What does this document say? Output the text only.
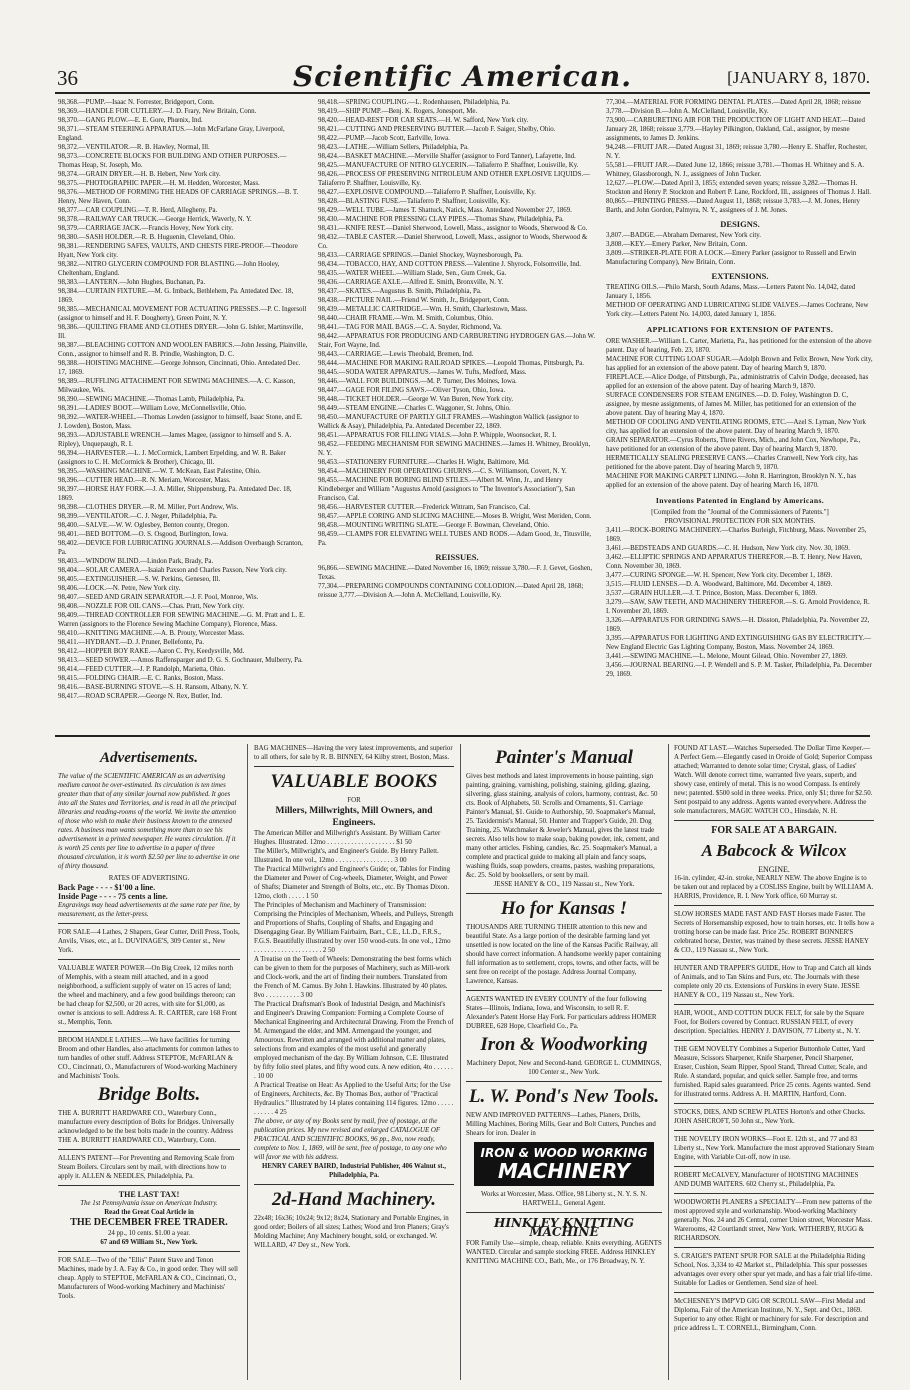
36	Scientific American.	[JANUARY 8, 1870.

98,368.—PUMP.—Isaac N. Forrester, Bridgeport, Conn.

98,369.—HANDLE FOR CUTLERY.—J. D. Frary, New Britain, Conn.

98,370.—GANG PLOW.—E. E. Gore, Phœnix, Ind.

98,371.—STEAM STEERING APPARATUS.—John McFarlane Gray, Liverpool, England.

98,372.—VENTILATOR.—R. B. Hawley, Normal, Ill.

98,373.—CONCRETE BLOCKS FOR BUILDING AND OTHER PURPOSES.—Thomas Heap, St. Joseph, Mo.

98,374.—GRAIN DRYER.—H. B. Hebert, New York city.

98,375.—PHOTOGRAPHIC PAPER.—H. M. Hedden, Worcester, Mass.

98,376.—METHOD OF FORMING THE HEADS OF CARRIAGE SPRINGS.—B. T. Henry, New Haven, Conn.

98,377.—CAR COUPLING.—T. R. Herd, Allegheny, Pa.

98,378.—RAILWAY CAR TRUCK.—George Herrick, Waverly, N. Y.

98,379.—CARRIAGE JACK.—Francis Hovey, New York city.

98,380.—SASH HOLDER.—R. B. Huguenin, Cleveland, Ohio.

98,381.—RENDERING SAFES, VAULTS, AND CHESTS FIRE-PROOF.—Theodore Hyatt, New York city.

98,382.—NITRO GLYCERIN COMPOUND FOR BLASTING.—John Hooley, Cheltenham, England.

98,383.—LANTERN.—John Hughes, Buchanan, Pa.

98,384.—CURTAIN FIXTURE.—M. G. Imback, Bethlehem, Pa. Antedated Dec. 18, 1869.

98,385.—MECHANICAL MOVEMENT FOR ACTUATING PRESSES.—P. C. Ingersoll (assignor to himself and H. F. Dougherty), Green Point, N. Y.

98,386.—QUILTING FRAME AND CLOTHES DRYER.—John G. Ishler, Martinsville, Ill.

98,387.—BLEACHING COTTON AND WOOLEN FABRICS.—John Jessing, Plainville, Conn., assignor to himself and R. B. Prindle, Washington, D. C.

98,388.—HOISTING MACHINE.—George Johnson, Cincinnati, Ohio. Antedated Dec. 17, 1869.

98,389.—RUFFLING ATTACHMENT FOR SEWING MACHINES.—A. C. Kasson, Milwaukee, Wis.

98,390.—SEWING MACHINE.—Thomas Lamb, Philadelphia, Pa.

98,391.—LADIES' BOOT.—William Love, McConnellsville, Ohio.

98,392.—WATER-WHEEL.—Thomas Lowden (assignor to himself, Isaac Stone, and E. J. Lowden), Boston, Mass.

98,393.—ADJUSTABLE WRENCH.—James Magee, (assignor to himself and S. A. Ripley), Unquepaugh, R. I.

98,394.—HARVESTER.—L. J. McCormick, Lambert Erpelding, and W. R. Baker (assignors to C. H. McCormick & Brother), Chicago, Ill.

98,395.—WASHING MACHINE.—W. T. McKean, East Palestine, Ohio.

98,396.—CUTTER HEAD.—R. N. Meriam, Worcester, Mass.

98,397.—HORSE HAY FORK.—J. A. Miller, Shippensburg, Pa. Antedated Dec. 18, 1869.

98,398.—CLOTHES DRYER.—R. M. Miller, Port Andrew, Wis.

98,399.—VENTILATOR.—C. J. Neger, Philadelphia, Pa.

98,400.—SALVE.—W. W. Oglesbey, Benton county, Oregon.

98,401.—BED BOTTOM.—O. S. Osgood, Burlington, Iowa.

98,402.—DEVICE FOR LUBRICATING JOURNALS.—Addison Overbaugh Scranton, Pa.

98,403.—WINDOW BLIND.—Lindon Park, Brady, Pa.

98,404.—SOLAR CAMERA.—Isaiah Paxson and Charles Paxson, New York city.

98,405.—EXTINGUISHER.—S. W. Perkins, Geneseo, Ill.

98,406.—LOCK.—N. Petre, New York city.

98,407.—SEED AND GRAIN SEPARATOR.—J. F. Pool, Monroe, Wis.

98,408.—NOZZLE FOR OIL CANS.—Chas. Pratt, New York city.

98,409.—THREAD CONTROLLER FOR SEWING MACHINE.—G. M. Pratt and L. E. Warren (assignors to the Florence Sewing Machine Company), Florence, Mass.

98,410.—KNITTING MACHINE.—A. B. Prouty, Worcester Mass.

98,411.—HYDRANT.—D. J. Pruner, Bellefonte, Pa.

98,412.—HOPPER BOY RAKE.—Aaron C. Pry, Keedysville, Md.

98,413.—SEED SOWER.—Amos Raffensparger and D. G. S. Gochnauer, Mulberry, Pa.

98,414.—FEED CUTTER.—J. P. Randolph, Marietta, Ohio.

98,415.—FOLDING CHAIR.—E. C. Ranks, Boston, Mass.

98,416.—BASE-BURNING STOVE.—S. H. Ransom, Albany, N. Y.

98,417.—ROAD SCRAPER.—George N. Rex, Butler, Ind.

98,418.—SPRING COUPLING.—L. Rodenhausen, Philadelphia, Pa.

98,419.—SHIP PUMP.—Benj. K. Rogers, Jonesport, Me.

98,420.—HEAD-REST FOR CAR SEATS.—H. W. Safford, New York city.

98,421.—CUTTING AND PRESERVING BUTTER.—Jacob F. Saiger, Shelby, Ohio.

98,422.—PUMP.—Jacob Scott, Earlville, Iowa.

98,423.—LATHE.—William Sellers, Philadelphia, Pa.

98,424.—BASKET MACHINE.—Merville Shaffer (assignor to Ford Tanner), Lafayette, Ind.

98,425.—MANUFACTURE OF NITRO GLYCERIN.—Taliaferro P. Shaffner, Louisville, Ky.

98,426.—PROCESS OF PRESERVING NITROLEUM AND OTHER EXPLOSIVE LIQUIDS.—Taliaferro P. Shaffner, Louisville, Ky.

98,427.—EXPLOSIVE COMPOUND.—Taliaferro P. Shaffner, Louisville, Ky.

98,428.—BLASTING FUSE.—Taliaferro P. Shaffner, Louisville, Ky.

98,429.—WELL TUBE.—James T. Shattuck, Natick, Mass. Antedated November 27, 1869.

98,430.—MACHINE FOR PRESSING CLAY PIPES.—Thomas Shaw, Philadelphia, Pa.

98,431.—KNIFE REST.—Daniel Sherwood, Lowell, Mass., assignor to Woods, Sherwood & Co.

98,432.—TABLE CASTER.—Daniel Sherwood, Lowell, Mass., assignor to Woods, Sherwood & Co.

98,433.—CARRIAGE SPRINGS.—Daniel Shockey, Waynesborough, Pa.

98,434.—TOBACCO, HAY, AND COTTON PRESS.—Valentine J. Shyrock, Folsomville, Ind.

98,435.—WATER WHEEL.—William Slade, Sen., Gum Creek, Ga.

98,436.—CARRIAGE AXLE.—Alfred E. Smith, Bronxville, N. Y.

98,437.—SKATES.—Augustus B. Smith, Philadelphia, Pa.

98,438.—PICTURE NAIL.—Friend W. Smith, Jr., Bridgeport, Conn.

98,439.—METALLIC CARTRIDGE.—Wm. H. Smith, Charlestown, Mass.

98,440.—CHAIR FRAME.—Wm. M. Smith, Columbus, Ohio.

98,441.—TAG FOR MAIL BAGS.—C. A. Snyder, Richmond, Va.

98,442.—APPARATUS FOR PRODUCING AND CARBURETING HYDROGEN GAS.—John W. Stair, Fort Wayne, Ind.

98,443.—CARRIAGE.—Lewis Theobald, Bremen, Ind.

98,444.—MACHINE FOR MAKING RAILROAD SPIKES.—Leopold Thomas, Pittsburgh, Pa.

98,445.—SODA WATER APPARATUS.—James W. Tufts, Medford, Mass.

98,446.—WALL FOR BUILDINGS.—M. P. Turner, Des Moines, Iowa.

98,447.—GAGE FOR FILING SAWS.—Oliver Tyson, Ohio, Iowa.

98,448.—TICKET HOLDER.—George W. Van Buren, New York city.

98,449.—STEAM ENGINE.—Charles C. Waggoner, St. Johns, Ohio.

98,450.—MANUFACTURE OF PARTLY GILT FRAMES.—Washington Wallick (assignor to Wallick & Asay), Philadelphia, Pa. Antedated December 22, 1869.

98,451.—APPARATUS FOR FILLING VIALS.—John P. Whipple, Woonsocket, R. I.

98,452.—FEEDING MECHANISM FOR SEWING MACHINES.—James H. Whitney, Brooklyn, N. Y.

98,453.—STATIONERY FURNITURE.—Charles H. Wight, Baltimore, Md.

98,454.—MACHINERY FOR OPERATING CHURNS.—C. S. Williamson, Covert, N. Y.

98,455.—MACHINE FOR BORING BLIND STILES.—Albert M. Winn, Jr., and Henry Kindleberger and William "Augustus Arnold (assignors to "The Inventor's Association"), San Francisco, Cal.

98,456.—HARVESTER CUTTER.—Frederick Wittram, San Francisco, Cal.

98,457.—APPLE CORING AND SLICING MACHINE.—Moses B. Wright, West Meriden, Conn.

98,458.—MOUNTING WRITING SLATE.—George F. Bowman, Cleveland, Ohio.

98,459.—CLAMPS FOR ELEVATING WELL TUBES AND RODS.—Adam Good, Jr., Titusville, Pa.

REISSUES.

96,866.—SEWING MACHINE.—Dated November 16, 1869; reissue 3,780.—F. J. Gevet, Goshen, Texas.

77,304.—PREPARING COMPOUNDS CONTAINING COLLODION.—Dated April 28, 1868; reissue 3,777.—Division A.—John A. McClelland, Louisville, Ky.

77,304.—MATERIAL FOR FORMING DENTAL PLATES.—Dated April 28, 1868; reissue 3,778.—Division B.—John A. McClelland, Louisville, Ky.

73,900.—CARBURETING AIR FOR THE PRODUCTION OF LIGHT AND HEAT.—Dated January 28, 1868; reissue 3,779.—Hayley Pilkington, Oakland, Cal., assignor, by mesne assignments, to James D. Jenkins.

94,248.—FRUIT JAR.—Dated August 31, 1869; reissue 3,780.—Henry E. Shaffer, Rochester, N. Y.

55,581.—FRUIT JAR.—Dated June 12, 1866; reissue 3,781.—Thomas H. Whitney and S. A. Whitney, Glassborough, N. J., assignees of John Tucker.

12,627.—PLOW.—Dated April 3, 1855; extended seven years; reissue 3,282.—Thomas H. Stockton and Henry P. Stockton and Robert P. Lane, Rockford, Ill., assignees of Thomas J. Hall.

80,865.—PRINTING PRESS.—Dated August 11, 1868; reissue 3,783.—J. M. Jones, Henry Barth, and John Gordon, Palmyra, N. Y., assignees of J. M. Jones.

DESIGNS.

3,807.—BADGE.—Abraham Demarest, New York city.

3,808.—KEY.—Emery Parker, New Britain, Conn.

3,809.—STRIKER-PLATE FOR A LOCK.—Emery Parker (assignor to Russell and Erwin Manufacturing Company), New Britain, Conn.

EXTENSIONS.

TREATING OILS.—Philo Marsh, South Adams, Mass.—Letters Patent No. 14,042, dated January 1, 1856.

METHOD OF OPERATING AND LUBRICATING SLIDE VALVES.—James Cochrane, New York city.—Letters Patent No. 14,003, dated January 1, 1856.

APPLICATIONS FOR EXTENSION OF PATENTS.

ORE WASHER.—William L. Carter, Marietta, Pa., has petitioned for the extension of the above patent. Day of hearing, Feb. 23, 1870.

MACHINE FOR CUTTING LOAF SUGAR.—Adolph Brown and Felix Brown, New York city, has applied for an extension of the above patent. Day of hearing March 9, 1870.

FIREPLACE.—Alice Dodge, of Pittsburgh, Pa., administratrix of Calvin Dodge, deceased, has applied for an extension of the above patent. Day of hearing March 9, 1870.

SURFACE CONDENSERS FOR STEAM ENGINES.—D. D. Foley, Washington D. C, assignee, by mesne assignments, of James M. Miller, has petitioned for an extension of the above patent. Day of hearing May 4, 1870.

METHOD OF COOLING AND VENTILATING ROOMS, ETC.—Azel S. Lyman, New York city, has applied for an extension of the above patent. Day of hearing March 9, 1870.

GRAIN SEPARATOR.—Cyrus Roberts, Three Rivers, Mich., and John Cox, Newhope, Pa., have petitioned for an extension of the above patent. Day of hearing March 9, 1870.

HERMETICALLY SEALING PRESERVE CANS.—Charles Cranwell, New York city, has petitioned for the above patent. Day of hearing March 9, 1870.

MACHINE FOR MAKING CARPET LINING.—John R. Harrington, Brooklyn N. Y., has applied for an extension of the above patent. Day of hearing March 16, 1870.

Inventions Patented in England by Americans.

[Compiled from the "Journal of the Commissioners of Patents."]

PROVISIONAL PROTECTION FOR SIX MONTHS.

3,411.—ROCK-BORING MACHINERY.—Charles Burleigh, Fitchburg, Mass. November 25, 1869.

3,461.—BEDSTEADS AND GUARDS.—C. H. Hudson, New York city. Nov. 30, 1869.

3,462.—ELLIPTIC SPRINGS AND APPARATUS THEREFOR.—B. T. Henry, New Haven, Conn. November 30, 1869.

3,477.—CURING SPONGE.—W. H. Spencer, New York city. December 1, 1869.

3,515.—FLUID LENSES.—D. A. Woodward, Baltimore, Md. December 4, 1869.

3,537.—GRAIN HULLER.—J. T. Prince, Boston, Mass. December 6, 1869.

3,279.—SAW, SAW TEETH, AND MACHINERY THEREFOR.—S. G. Arnold Providence, R. I. November 20, 1869.

3,326.—APPARATUS FOR GRINDING SAWS.—H. Disston, Philadelphia, Pa. November 22, 1869.

3,395.—APPARATUS FOR LIGHTING AND EXTINGUISHING GAS BY ELECTRICITY.—New England Electric Gas Lighting Company, Boston, Mass. November 24, 1869.

3,441.—SEWING MACHINE.—L. Melone, Mount Gilead, Ohio. November 27, 1869.

3,456.—JOURNAL BEARING.—I. P. Wendell and S. P. M. Tasker, Philadelphia, Pa. December 29, 1869.

Advertisements.

The value of the SCIENTIFIC AMERICAN as an advertising medium cannot be over-estimated. Its circulation is ten times greater than that of any similar journal now published. It goes into all the States and Territories, and is read in all the principal libraries and reading-rooms of the world. We invite the attention of those who wish to make their business known to the annexed rates. A business man wants something more than to see his advertisement in a printed newspaper. He wants circulation. If it is worth 25 cents per line to advertise in a paper of three thousand circulation, it is worth $2.50 per line to advertise in one of thirty thousand.

RATES OF ADVERTISING.

Back Page - - - - $1'00 a line.

Inside Page - - - - 75 cents a line.

Engravings may head advertisements at the same rate per line, by measurement, as the letter-press.

FOR SALE—4 Lathes, 2 Shapers, Gear Cutter, Drill Press, Tools, Anvils, Vises, etc., at L. DUVINAGE'S, 309 Center st., New York.

VALUABLE WATER POWER—On Big Creek, 12 miles north of Memphis, with a steam mill attached, and in a good neighborhood, a sufficient supply of water on 15 acres of land; the wheel and machinery, and a few good buildings thereon; can be had cheap for $2,500, or 20 acres, with site for $1,000, as owner is anxious to sell. Address A. R. CARTER, care 168 Front st., Memphis, Tenn.

BROOM HANDLE LATHES.—We have facilities for turning Broom and other Handles, also attachments for common lathes to turn handles of other stuff. Address STEPTOE, McFARLAN & CO., Cincinnati, O., Manufacturers of Wood-working Machinery and Machinists' Tools.

Bridge Bolts.

THE A. BURRITT HARDWARE CO., Waterbury Conn., manufacture every description of Bolts for Bridges. Universally acknowledged to be the best bolts made in the country. Address THE A. BURRITT HARDWARE CO., Waterbury, Conn.

ALLEN'S PATENT—For Preventing and Removing Scale from Steam Boilers. Circulars sent by mail, with directions how to apply it. ALLEN & NEEDLES, Philadelphia, Pa.

THE LAST TAX!

The 1st Pennsylvania issue on American Industry.

Read the Great Coal Article in

THE DECEMBER FREE TRADER.

24 pp., 10 cents. $1.00 a year.

67 and 69 William St., New York.

FOR SALE—Two of the "Ellis" Patent Stave and Tenon Machines, made by J. A. Fay & Co., in good order. They will sell cheap. Apply to STEPTOE, McFARLAN & CO., Cincinnati, O., Manufacturers of Wood-working Machinery and Machinists' Tools.

BAG MACHINES—Having the very latest improvements, and superior to all others, for sale by R. B. BINNEY, 64 Kilby street, Boston, Mass.

VALUABLE BOOKS

FOR

Millers, Millwrights, Mill Owners, and Engineers.

The American Miller and Millwright's Assistant. By William Carter Hughes. Illustrated. 12mo . . . . . . . . . . . . . . . . . . . . $1 50

The Miller's, Millwright's, and Engineer's Guide. By Henry Pallett. Illustrated. In one vol., 12mo . . . . . . . . . . . . . . . . . 3 00

The Practical Millwright's and Engineer's Guide; or, Tables for Finding the Diameter and Power of Cog-wheels, Diameter, Weight, and Power of Shafts; Diameter and Strength of Bolts, etc., etc. By Thomas Dixon. 12mo, cloth . . . . . 1 50

The Principles of Mechanism and Machinery of Transmission: Comprising the Principles of Mechanism, Wheels, and Pulleys, Strength and Proportions of Shafts, Coupling of Shafts, and Engaging and Disengaging Gear. By William Fairbairn, Bart., C.E., LL.D., F.R.S., F.G.S. Beautifully illustrated by over 150 wood-cuts. In one vol., 12mo . . . . . . . . . . . . . . . . . . . . 2 50

A Treatise on the Teeth of Wheels: Demonstrating the best forms which can be given to them for the purposes of Machinery, such as Mill-work and Clock-work, and the art of finding their numbers. Translated from the French of M. Camus. By John I. Hawkins. Illustrated by 40 plates. 8vo . . . . . . . . . . 3 00

The Practical Draftsman's Book of Industrial Design, and Machinist's and Engineer's Drawing Companion: Forming a Complete Course of Mechanical Engineering and Architectural Drawing. From the French of M. Armengaud the elder, and MM. Armengaud the younger, and Amouroux. Rewritten and arranged with additional matter and plates, selections from and examples of the most useful and generally employed mechanism of the day. By William Johnson, C.E. Illustrated by fifty folio steel plates, and fifty wood cuts. A new edition, 4to . . . . . . . 10 00

A Practical Treatise on Heat: As Applied to the Useful Arts; for the Use of Engineers, Architects, &c. By Thomas Box, author of "Practical Hydraulics." Illustrated by 14 plates containing 114 figures. 12mo . . . . . . . . . . . 4 25

The above, or any of my Books sent by mail, free of postage, at the publication prices. My new revised and enlarged CATALOGUE OF PRACTICAL AND SCIENTIFIC BOOKS, 96 pp., 8vo, now ready, complete to Nov. 1, 1869, will be sent, free of postage, to any one who will favor me with his address.

HENRY CAREY BAIRD, Industrial Publisher, 406 Walnut st., Philadelphia, Pa.

2d-Hand Machinery.

22x48; 16x36; 10x24; 9x12; 8x24, Stationary and Portable Engines, in good order; Boilers of all sizes; Lathes; Wood and Iron Planers; Gray's Molding Machine; Any Machinery bought, sold, or exchanged. W. WILLARD, 47 Dey st., New York.

Painter's Manual

Gives best methods and latest improvements in house painting, sign painting, graining, varnishing, polishing, staining, gilding, glazing, silvering, glass staining, analysis of colors, harmony, contrast, &c. 50 cts. Book of Alphabets, 50. Scrolls and Ornaments, $1. Carriage Painter's Manual, $1. Guide to Authorship, 50. Soapmaker's Manual, 25. Taxidermist's Manual, 50. Hunter and Trapper's Guide, 20. Dog Training, 25. Watchmaker & Jeweler's Manual, gives the latest trade secrets. Also tells how to make soap, baking powder, ink, cement, and many other articles. Fishing, candies, &c. 25. Soapmaker's Manual, a complete and practical guide to making all plain and fancy soaps, washing fluids, soap powders, creams, pastes, washing preparations, &c. 25. Sold by booksellers, or sent by mail.

JESSE HANEY & CO., 119 Nassau st., New York.

Ho for Kansas !

THOUSANDS ARE TURNING THEIR attention to this new and beautiful State. As a large portion of the desirable farming land yet unsettled is now located on the line of the Kansas Pacific Railway, all should have correct information. A handsome weekly paper containing full information as to settlement, crops, towns, and other facts, will be sent free on receipt of the postage. Address Journal Company, Lawrence, Kansas.

AGENTS WANTED IN EVERY COUNTY of the four following States—Illinois, Indiana, Iowa, and Wisconsin, to sell R. F. Alexander's Patent Horse Hay Fork. For particulars address HOMER DUBREE, 628 Hope, Clearfield Co., Pa.

Iron & Woodworking

Machinery Depot, New and Second-hand. GEORGE L. CUMMINGS, 100 Center st., New York.

L. W. Pond's New Tools.

NEW AND IMPROVED PATTERNS—Lathes, Planers, Drills, Milling Machines, Boring Mills, Gear and Bolt Cutters, Punches and Shears for iron. Dealer in

IRON & WOOD WORKING
MACHINERY

Works at Worcester, Mass. Office, 98 Liberty st., N. Y. S. N. HARTWELL, General Agent.

HINKLEY KNITTING MACHINE

FOR Family Use—simple, cheap, reliable. Knits everything. AGENTS WANTED. Circular and sample stocking FREE. Address HINKLEY KNITTING MACHINE CO., Bath, Me., or 176 Broadway, N. Y.

FOUND AT LAST.—Watches Superseded. The Dollar Time Keeper.—A Perfect Gem.—Elegantly cased in Oroide of Gold; Superior Compass attached; Warranted to denote solar time; Crystal, glass, of Ladies' Watch. Will denote correct time, warranted five years, superb, and showy case, entirely of metal. This is no wood Compass. Is entirely new; patented. $500 sold in three weeks. Price, only $1; three for $2.50. Sent postpaid to any address. Agents wanted everywhere. Address the sole manufacturers, MAGIC WATCH CO., Hinsdale, N. H.

FOR SALE AT A BARGAIN.
A Babcock & Wilcox

ENGINE.

16-in. cylinder, 42-in. stroke, NEARLY NEW. The above Engine is to be taken out and replaced by a COSLISS Engine, built by WILLIAM A. HARRIS, Providence, R. I. New York office, 60 Murray st.

SLOW HORSES MADE FAST AND FAST Horses made Faster. The Secrets of Horsemanship exposed, how to train horses, etc. It tells how a trotting horse can be made fast. Price 25c. ROBERT BONNER'S celebrated horse, Dexter, was trained by these secrets. JESSE HANEY & CO., 119 Nassau st., New York.

HUNTER AND TRAPPER'S GUIDE, How to Trap and Catch all kinds of Animals, and to Tan Skins and Furs, etc. The Journals with these complete only 20 cts. Extensions of Furskins in every State. JESSE HANEY & CO., 119 Nassau st., New York.

HAIR, WOOL, AND COTTON DUCK FELT, for sale by the Square Foot, for Boilers covered by Contract. RUSSIAN FELT, of every description. Specialties. HENRY J. DAVISON, 77 Liberty st., N. Y.

THE GEM NOVELTY Combines a Superior Buttonhole Cutter, Yard Measure, Scissors Sharpener, Knife Sharpener, Pencil Sharpener, Eraser, Cushion, Seam Ripper, Spool Stand, Thread Cutter, Scale, and Rule. A standard, popular, and quick seller. Sample free, and terms furnished. Rapid sales guaranteed. Price 25 cents. Agents wanted. Send for illustrated terms. Address A. H. MARTIN, Hartford, Conn.

STOCKS, DIES, AND SCREW PLATES Horton's and other Chucks. JOHN ASHCROFT, 50 John st., New York.

THE NOVELTY IRON WORKS—Foot E. 12th st., and 77 and 83 Liberty st., New York. Manufacture the most approved Stationary Steam Engine, with Variable Cut-off, now in use.

ROBERT McCALVEY, Manufacturer of HOISTING MACHINES AND DUMB WAITERS. 602 Cherry st., Philadelphia, Pa.

WOODWORTH PLANERS a SPECIALTY—From new patterns of the most approved style and workmanship. Wood-working Machinery generally. Nos. 24 and 26 Central, corner Union street, Worcester Mass. Warerooms, 42 Courtlandt street, New York. WITHERBY, RUGG & RICHARDSON.

S. CRAIGE'S PATENT SPUR FOR SALE at the Philadelphia Riding School, Nos. 3,334 to 42 Market st., Philadelphia. This spur possesses advantages over every other spur yet made, and has a fair trial life-time. Suitable for Ladies or Gentlemen. Send size of heel.

McCHESNEY'S IMP'VD GIG OR SCROLL SAW—First Medal and Diploma, Fair of the American Institute, N. Y., Sept. and Oct., 1869. Superior to any other. Right or machinery for sale. For description and price address L. T. CORNELL, Birmingham, Conn.
